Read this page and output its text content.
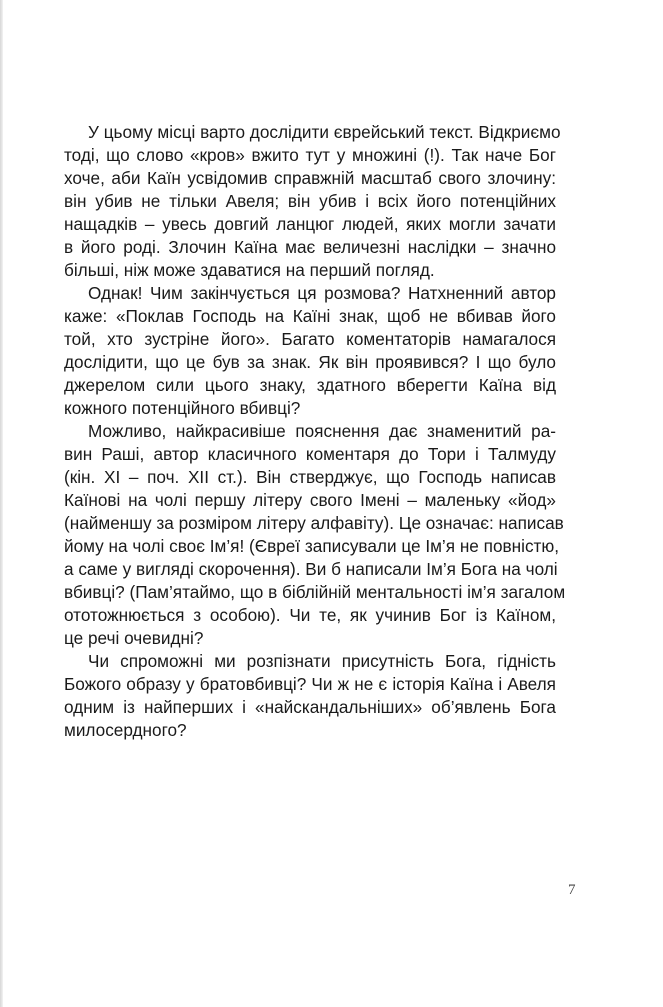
У цьому місці варто дослідити єврейський текст. Відкриємо
тоді, що слово «кров» вжито тут у множині (!). Так наче Бог
хоче, аби Каїн усвідомив справжній масштаб свого злочину:
він убив не тільки Авеля; він убив і всіх його потенційних
нащадків – увесь довгий ланцюг людей, яких могли зачати
в його роді. Злочин Каїна має величезні наслідки – значно
більші, ніж може здаватися на перший погляд.

Однак! Чим закінчується ця розмова? Натхненний автор
каже: «Поклав Господь на Каїні знак, щоб не вбивав його
той, хто зустріне його». Багато коментаторів намагалося
дослідити, що це був за знак. Як він проявився? І що було
джерелом сили цього знаку, здатного вберегти Каїна від
кожного потенційного вбивці?

Можливо, найкрасивіше пояснення дає знаменитий ра-
вин Раші, автор класичного коментаря до Тори і Талмуду
(кін. XI – поч. XII ст.). Він стверджує, що Господь написав
Каїнові на чолі першу літеру свого Імені – маленьку «йод»
(найменшу за розміром літеру алфавіту). Це означає: написав
йому на чолі своє Ім’я! (Євреї записували це Ім’я не повністю,
а саме у вигляді скорочення). Ви б написали Ім’я Бога на чолі
вбивці? (Пам’ятаймо, що в біблійній ментальності ім’я загалом
ототожнюється з особою). Чи те, як учинив Бог із Каїном,
це речі очевидні?

Чи спроможні ми розпізнати присутність Бога, гідність
Божого образу у братовбивці? Чи ж не є історія Каїна і Авеля
одним із найперших і «найскандальніших» об’явлень Бога
милосердного?

7
